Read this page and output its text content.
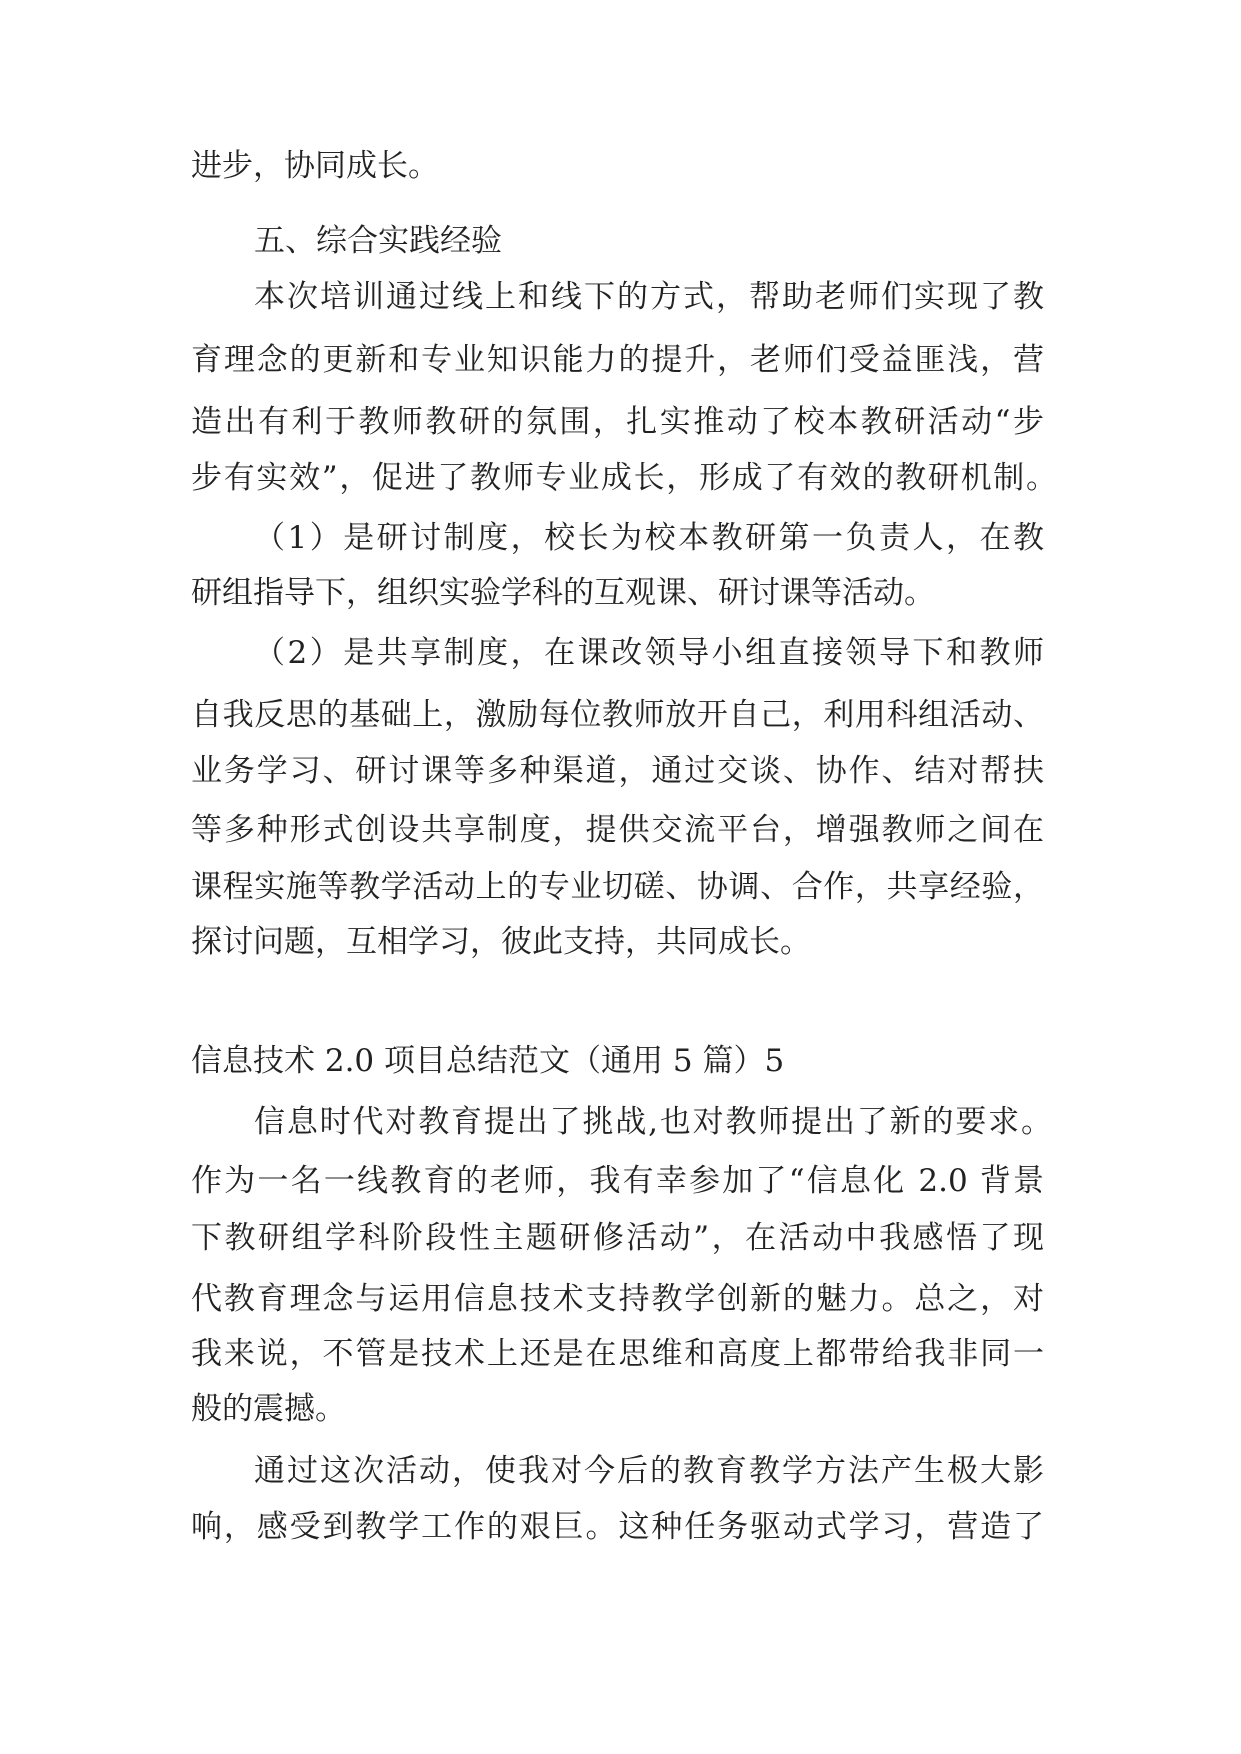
进步，协同成长。
五、综合实践经验
本次培训通过线上和线下的方式，帮助老师们实现了教
育理念的更新和专业知识能力的提升，老师们受益匪浅，营
造出有利于教师教研的氛围，扎实推动了校本教研活动“步
步有实效”，促进了教师专业成长，形成了有效的教研机制。
（1）是研讨制度，校长为校本教研第一负责人，在教
研组指导下，组织实验学科的互观课、研讨课等活动。
（2）是共享制度，在课改领导小组直接领导下和教师
自我反思的基础上，激励每位教师放开自己，利用科组活动、
业务学习、研讨课等多种渠道，通过交谈、协作、结对帮扶
等多种形式创设共享制度，提供交流平台，增强教师之间在
课程实施等教学活动上的专业切磋、协调、合作，共享经验，
探讨问题，互相学习，彼此支持，共同成长。
信息技术 2.0 项目总结范文（通用 5 篇）5
信息时代对教育提出了挑战,也对教师提出了新的要求。
作为一名一线教育的老师，我有幸参加了“信息化 2.0 背景
下教研组学科阶段性主题研修活动”，在活动中我感悟了现
代教育理念与运用信息技术支持教学创新的魅力。总之，对
我来说，不管是技术上还是在思维和高度上都带给我非同一
般的震撼。
通过这次活动，使我对今后的教育教学方法产生极大影
响，感受到教学工作的艰巨。这种任务驱动式学习，营造了
